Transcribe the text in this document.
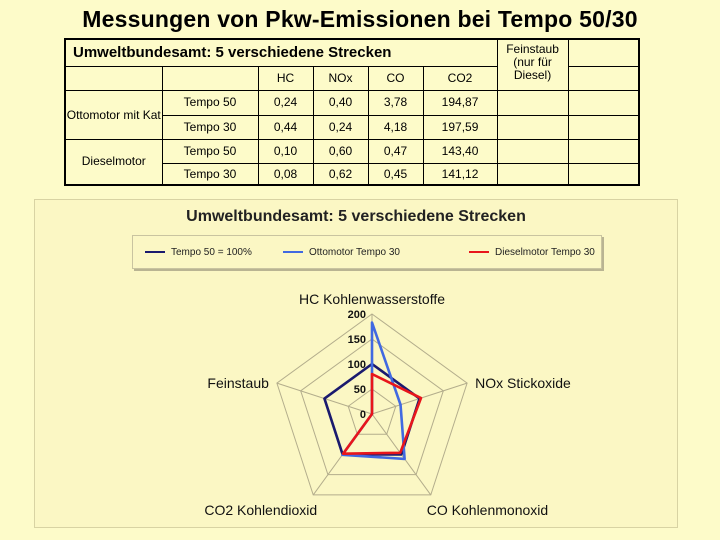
Messungen von Pkw-Emissionen bei Tempo 50/30
Umweltbundesamt: 5 verschiedene Strecken						Feinstaub (nur für Diesel)	
		HC	NOx	CO	CO2		
Ottomotor mit Kat	Tempo 50	0,24	0,40	3,78	194,87		
	Tempo 30	0,44	0,24	4,18	197,59		
Dieselmotor	Tempo 50	0,10	0,60	0,47	143,40		
	Tempo 30	0,08	0,62	0,45	141,12		
Umweltbundesamt: 5 verschiedene Strecken
Tempo 50 = 100%	Ottomotor Tempo 30	Dieselmotor Tempo 30
0
50
100
150
200
HC Kohlenwasserstoffe
NOx Stickoxide
CO Kohlenmonoxid
CO2 Kohlendioxid
Feinstaub
